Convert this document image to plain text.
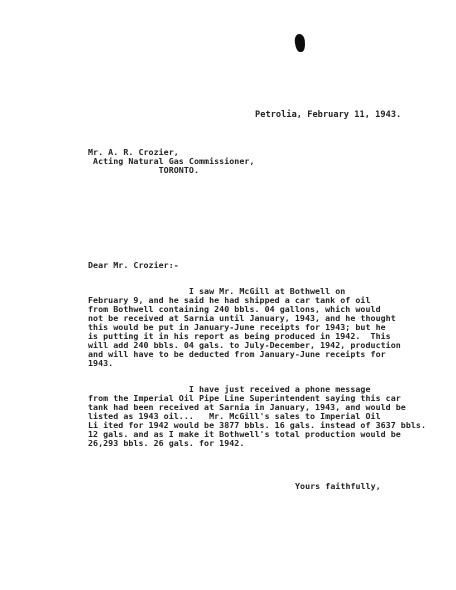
Petrolia, February 11, 1943.
Mr. A. R. Crozier,
Acting Natural Gas Commissioner,
TORONTO.
Dear Mr. Crozier:-
I saw Mr. McGill at Bothwell on
February 9, and he said he had shipped a car tank of oil
from Bothwell containing 240 bbls. 04 gallons, which would
not be received at Sarnia until January, 1943, and he thought
this would be put in January-June receipts for 1943; but he
is putting it in his report as being produced in 1942.  This
will add 240 bbls. 04 gals. to July-December, 1942, production
and will have to be deducted from January-June receipts for
1943.
I have just received a phone message
from the Imperial Oil Pipe Line Superintendent saying this car
tank had been received at Sarnia in January, 1943, and would be
listed as 1943 oil...   Mr. McGill's sales to Imperial Oil
Li ited for 1942 would be 3877 bbls. 16 gals. instead of 3637 bbls.
12 gals. and as I make it Bothwell's total production would be
26,293 bbls. 26 gals. for 1942.
Yours faithfully,
